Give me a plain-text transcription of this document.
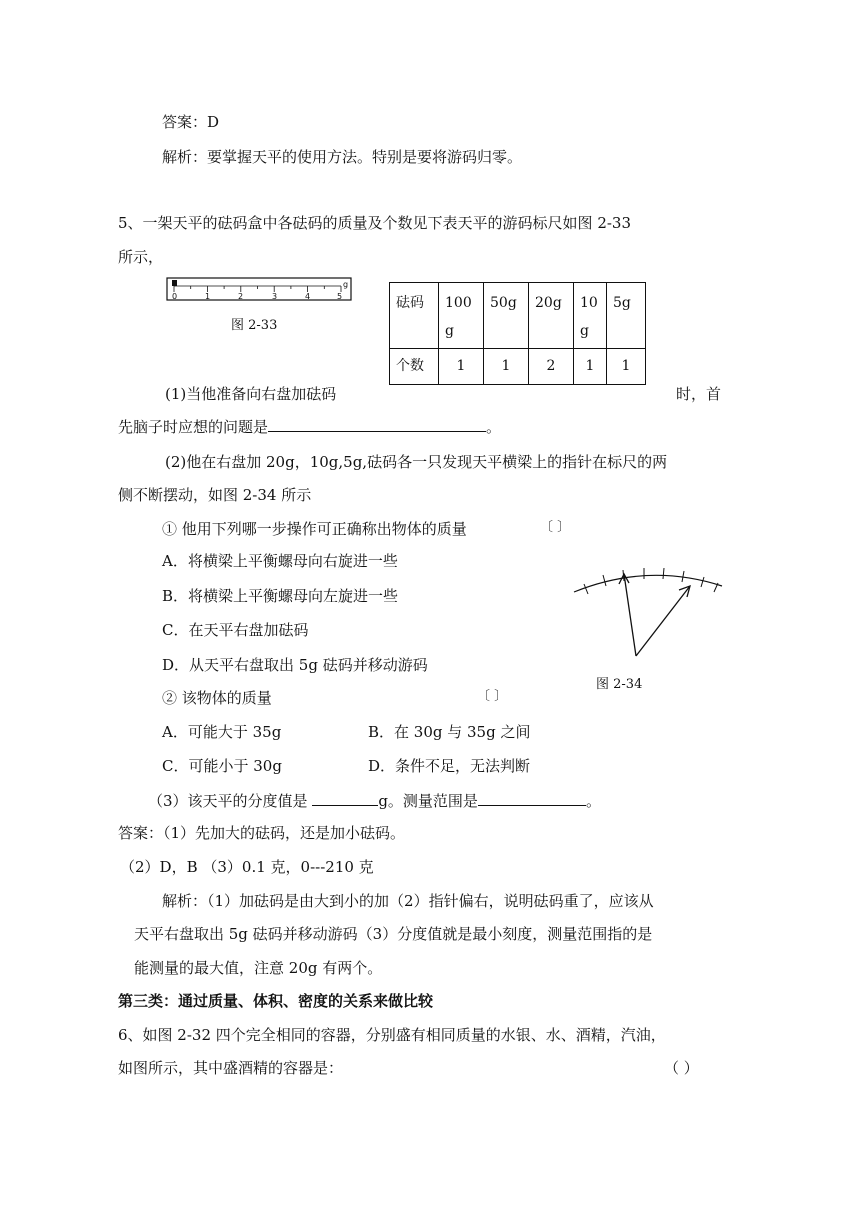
答案：D
解析：要掌握天平的使用方法。特别是要将游码归零。
5、一架天平的砝码盒中各砝码的质量及个数见下表天平的游码标尺如图 2-33
所示，
0	1	2	3	4	5
g
图 2-33
砝码	100g	50g	20g	10g	5g
个数	1	1	2	1	1
(1)当他准备向右盘加砝码	时，首
先脑子时应想的问题是	。
(2)他在右盘加 20g，10g,5g,砝码各一只发现天平横梁上的指针在标尺的两
侧不断摆动，如图 2-34 所示
① 他用下列哪一步操作可正确称出物体的质量	〔 〕
A．将横梁上平衡螺母向右旋进一些
B．将横梁上平衡螺母向左旋进一些
C．在天平右盘加砝码
D．从天平右盘取出 5g 砝码并移动游码
图 2-34
② 该物体的质量	〔 〕
A．可能大于 35g	B．在 30g 与 35g 之间
C．可能小于 30g	D．条件不足，无法判断
（3）该天平的分度值是	g。测量范围是	。
答案：（1）先加大的砝码，还是加小砝码。
（2）D，B （3）0.1 克，0---210 克
解析：（1）加砝码是由大到小的加（2）指针偏右，说明砝码重了，应该从
天平右盘取出 5g 砝码并移动游码（3）分度值就是最小刻度，测量范围指的是
能测量的最大值，注意 20g 有两个。
第三类：通过质量、体积、密度的关系来做比较
6、如图 2-32 四个完全相同的容器，分别盛有相同质量的水银、水、酒精，汽油，
如图所示，其中盛酒精的容器是：	（ ）
